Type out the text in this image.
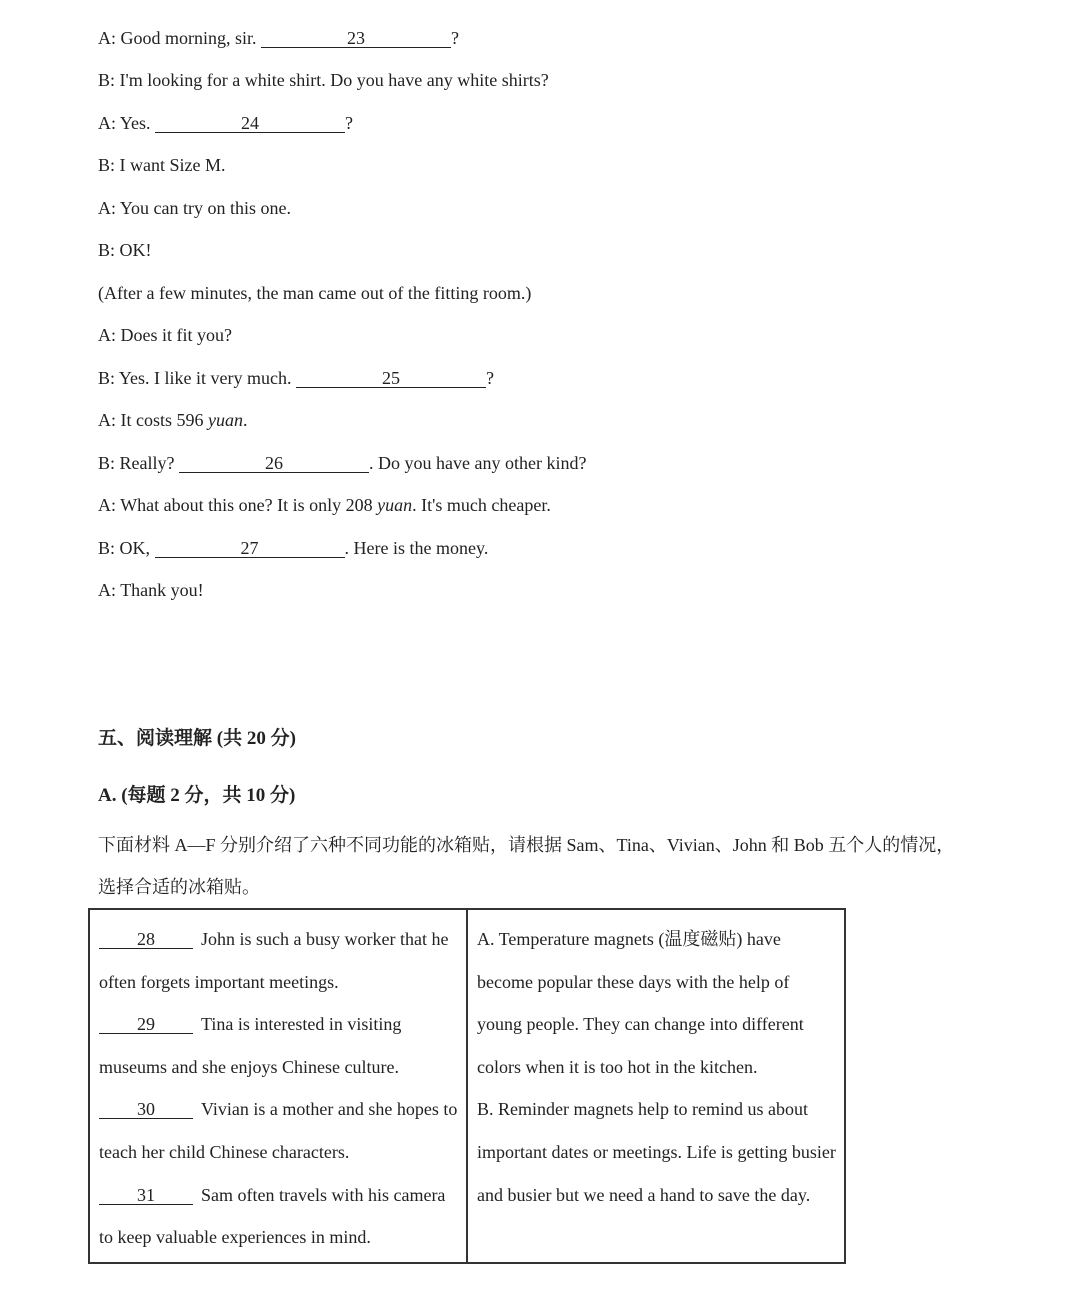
A: Good morning, sir.	23	?
B: I'm looking for a white shirt. Do you have any white shirts?
A: Yes.	24	?
B: I want Size M.
A: You can try on this one.
B: OK!
(After a few minutes, the man came out of the fitting room.)
A: Does it fit you?
B: Yes. I like it very much.	25	?
A: It costs 596 yuan.
B: Really?	26	. Do you have any other kind?
A: What about this one? It is only 208 yuan. It's much cheaper.
B: OK,	27	. Here is the money.
A: Thank you!
五、阅读理解 (共 20 分)
A. (每题 2 分，共 10 分)
下面材料 A—F 分别介绍了六种不同功能的冰箱贴，请根据 Sam、Tina、Vivian、John 和 Bob 五个人的情况，
选择合适的冰箱贴。
28	John is such a busy worker that he often forgets important meetings.
29	Tina is interested in visiting museums and she enjoys Chinese culture.
30	Vivian is a mother and she hopes to teach her child Chinese characters.
31	Sam often travels with his camera to keep valuable experiences in mind.

A. Temperature magnets (温度磁贴) have become popular these days with the help of young people. They can change into different colors when it is too hot in the kitchen.
B. Reminder magnets help to remind us about important dates or meetings. Life is getting busier and busier but we need a hand to save the day.
